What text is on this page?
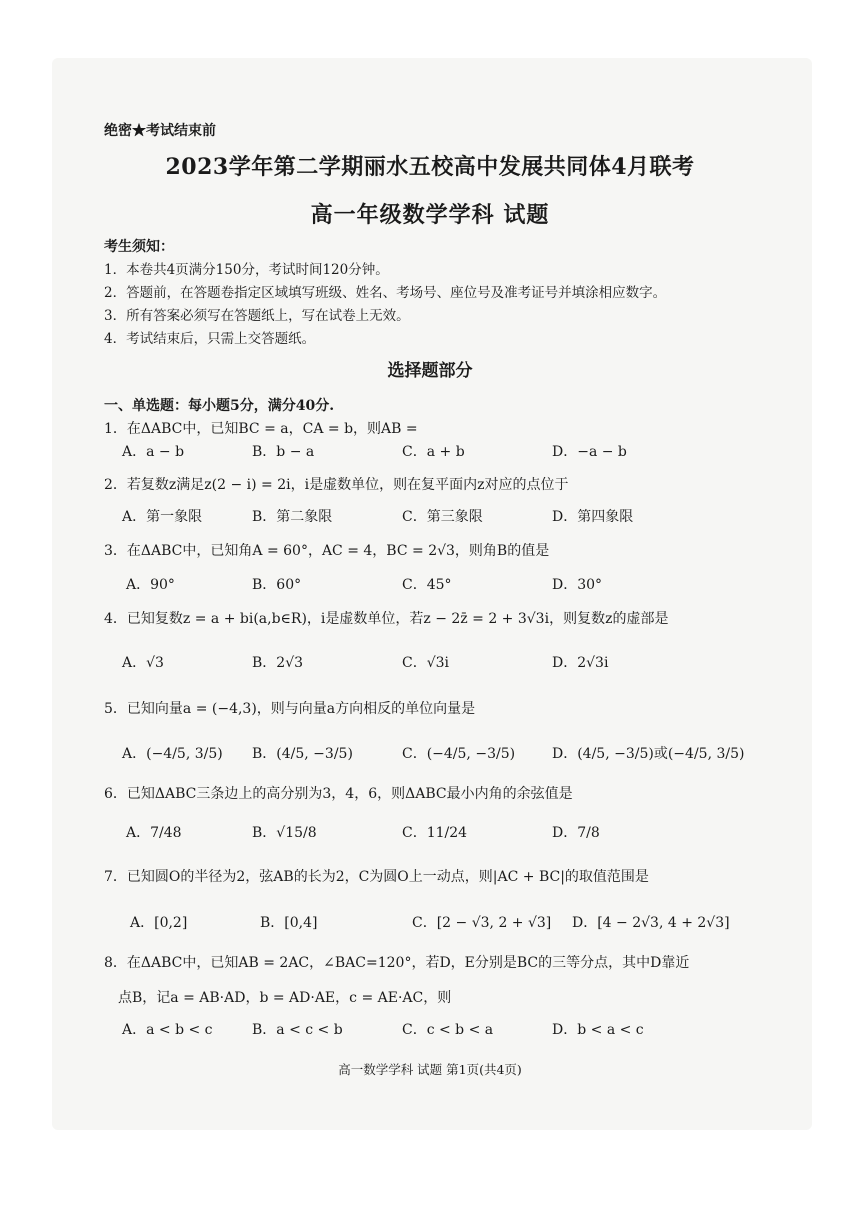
绝密★考试结束前
2023学年第二学期丽水五校高中发展共同体4月联考
高一年级数学学科 试题
考生须知：
1．本卷共4页满分150分，考试时间120分钟。
2．答题前，在答题卷指定区域填写班级、姓名、考场号、座位号及准考证号并填涂相应数字。
3．所有答案必须写在答题纸上，写在试卷上无效。
4．考试结束后，只需上交答题纸。
选择题部分
一、单选题：每小题5分，满分40分.
1．在ΔABC中，已知BC = a，CA = b，则AB =
A．a − b	B．b − a	C．a + b	D．−a − b
2．若复数z满足z(2 − i) = 2i，i是虚数单位，则在复平面内z对应的点位于
A．第一象限	B．第二象限	C．第三象限	D．第四象限
3．在ΔABC中，已知角A = 60°，AC = 4，BC = 2√3，则角B的值是
A．90°	B．60°	C．45°	D．30°
4．已知复数z = a + bi(a,b∈R)，i是虚数单位，若z − 2z̄ = 2 + 3√3i，则复数z的虚部是
A．√3	B．2√3	C．√3i	D．2√3i
5．已知向量a = (−4,3)，则与向量a方向相反的单位向量是
A．(−4/5, 3/5) B．(4/5, −3/5)	C．(−4/5, −3/5)	D．(4/5, −3/5)或(−4/5, 3/5)
6．已知ΔABC三条边上的高分别为3，4，6，则ΔABC最小内角的余弦值是
A．7/48	B．√15/8	C．11/24	D．7/8
7．已知圆O的半径为2，弦AB的长为2，C为圆O上一动点，则|AC + BC|的取值范围是
A．[0,2]	B．[0,4]	C．[2 − √3, 2 + √3] D．[4 − 2√3, 4 + 2√3]
8．在ΔABC中，已知AB = 2AC，∠BAC=120°，若D，E分别是BC的三等分点，其中D靠近
点B，记a = AB·AD，b = AD·AE，c = AE·AC，则
A．a < b < c	B．a < c < b	C．c < b < a	D．b < a < c
高一数学学科 试题 第1页(共4页)
